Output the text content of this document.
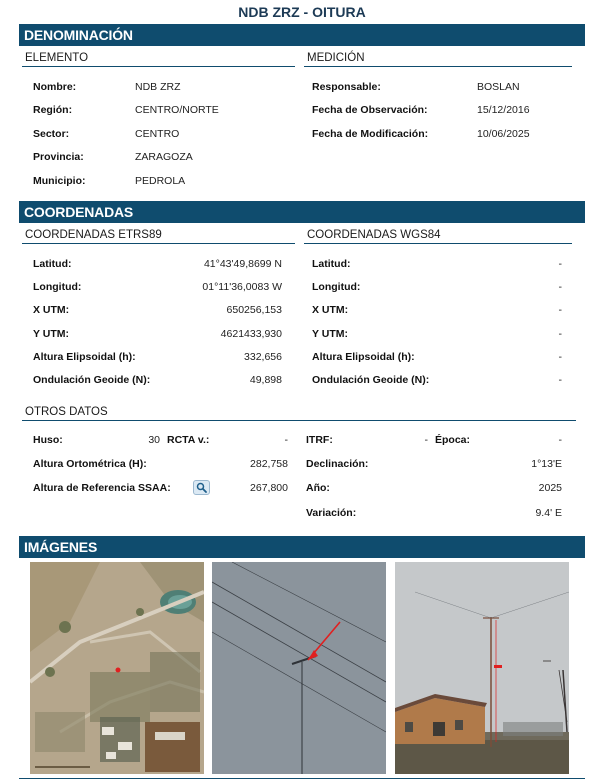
NDB ZRZ - OITURA
DENOMINACIÓN
ELEMENTO	MEDICIÓN
Nombre:	NDB ZRZ
Región:	CENTRO/NORTE
Sector:	CENTRO
Provincia:	ZARAGOZA
Municipio:	PEDROLA
Responsable:	BOSLAN
Fecha de Observación:	15/12/2016
Fecha de Modificación:	10/06/2025
COORDENADAS
COORDENADAS ETRS89	COORDENADAS WGS84
Latitud:	41°43'49,8699 N
Longitud:	01°11'36,0083 W
X UTM:	650256,153
Y UTM:	4621433,930
Altura Elipsoidal (h):	332,656
Ondulación Geoide (N):	49,898
Latitud:	-
Longitud:	-
X UTM:	-
Y UTM:	-
Altura Elipsoidal (h):	-
Ondulación Geoide (N):	-
OTROS DATOS
Huso:	30 RCTA v.:	-
Altura Ortométrica (H):	282,758
Altura de Referencia SSAA:	267,800
ITRF:	- Época:	-
Declinación:	1°13'E
Año:	2025
Variación:	9.4' E
IMÁGENES
